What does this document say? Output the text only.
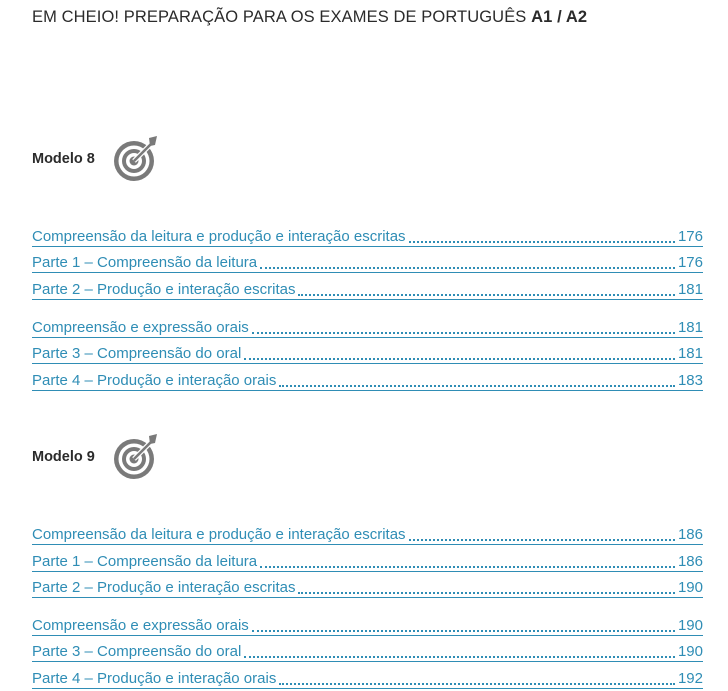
EM CHEIO! PREPARAÇÃO PARA OS EXAMES DE PORTUGUÊS A1 / A2
Modelo 8
Compreensão da leitura e produção e interação escritas	176
Parte 1 – Compreensão da leitura	176
Parte 2 – Produção e interação escritas	181
Compreensão e expressão orais	181
Parte 3 – Compreensão do oral	181
Parte 4 – Produção e interação orais	183
Modelo 9
Compreensão da leitura e produção e interação escritas	186
Parte 1 – Compreensão da leitura	186
Parte 2 – Produção e interação escritas	190
Compreensão e expressão orais	190
Parte 3 – Compreensão do oral	190
Parte 4 – Produção e interação orais	192
